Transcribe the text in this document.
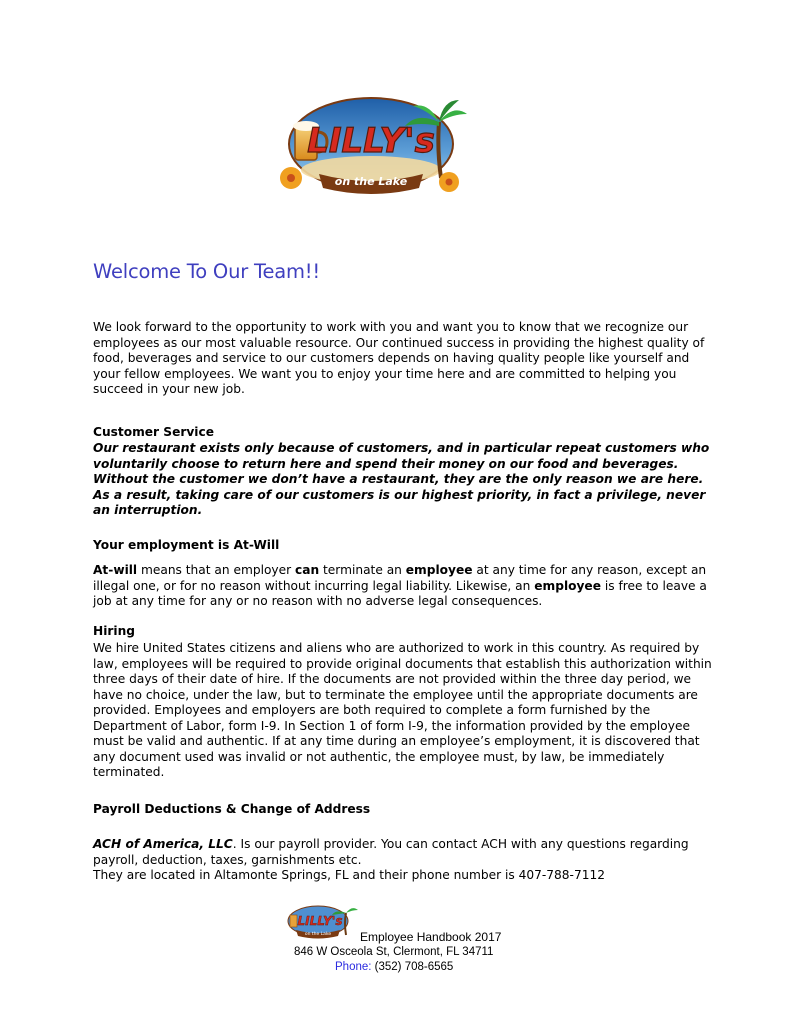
LILLY's
on the Lake
Welcome To Our Team!!

We look forward to the opportunity to work with you and want you to know that we recognize our employees as our most valuable resource. Our continued success in providing the highest quality of food, beverages and service to our customers depends on having quality people like yourself and your fellow employees. We want you to enjoy your time here and are committed to helping you succeed in your new job.

Customer Service

Our restaurant exists only because of customers, and in particular repeat customers who voluntarily choose to return here and spend their money on our food and beverages. Without the customer we don’t have a restaurant, they are the only reason we are here. As a result, taking care of our customers is our highest priority, in fact a privilege, never an interruption.

Your employment is At-Will

At-will means that an employer can terminate an employee at any time for any reason, except an illegal one, or for no reason without incurring legal liability. Likewise, an employee is free to leave a job at any time for any or no reason with no adverse legal consequences.

Hiring

We hire United States citizens and aliens who are authorized to work in this country. As required by law, employees will be required to provide original documents that establish this authorization within three days of their date of hire. If the documents are not provided within the three day period, we have no choice, under the law, but to terminate the employee until the appropriate documents are provided. Employees and employers are both required to complete a form furnished by the Department of Labor, form I-9. In Section 1 of form I-9, the information provided by the employee must be valid and authentic. If at any time during an employee’s employment, it is discovered that any document used was invalid or not authentic, the employee must, by law, be immediately terminated.

Payroll Deductions & Change of Address

ACH of America, LLC. Is our payroll provider. You can contact ACH with any questions regarding payroll, deduction, taxes, garnishments etc.
They are located in Altamonte Springs, FL and their phone number is 407-788-7112

LILLY's
on the Lake Employee Handbook 2017
846 W Osceola St, Clermont, FL 34711
Phone: (352) 708-6565
